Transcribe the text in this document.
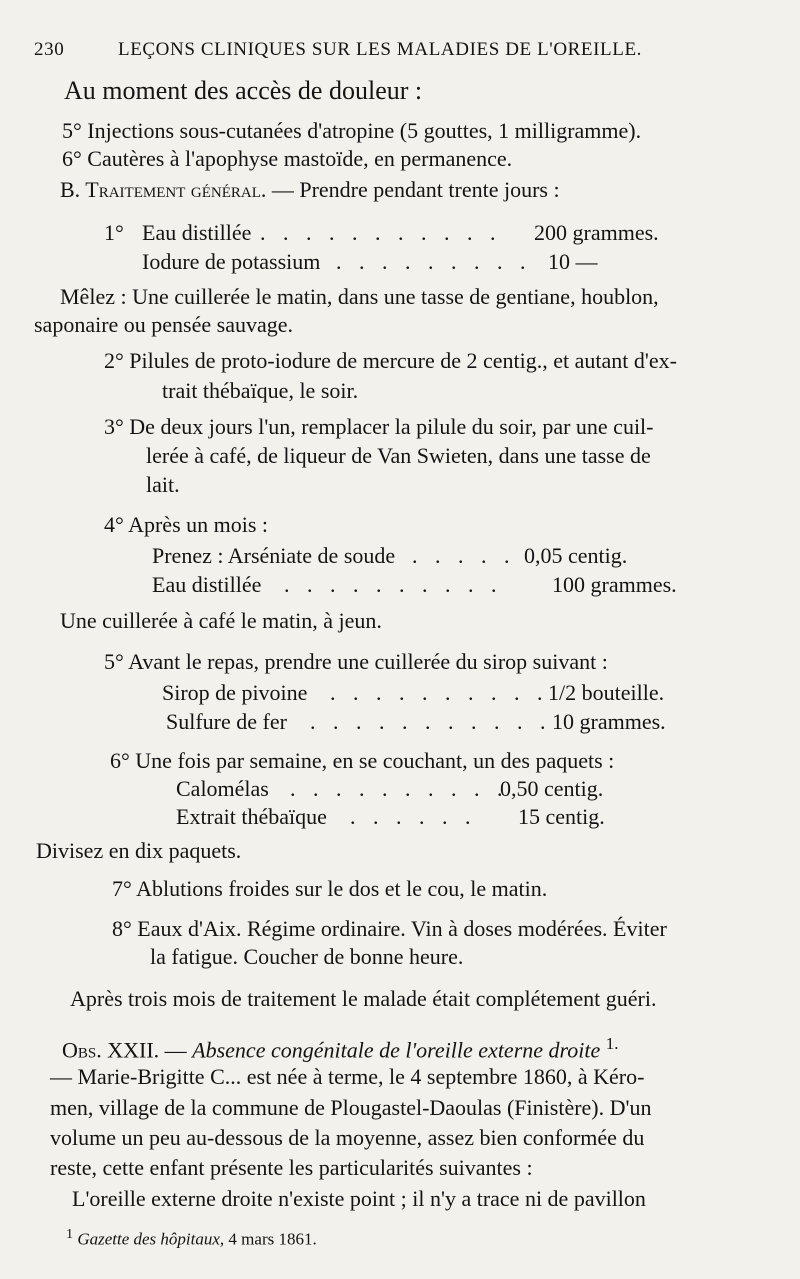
230	LEÇONS CLINIQUES SUR LES MALADIES DE L'OREILLE.
Au moment des accès de douleur :
5° Injections sous-cutanées d'atropine (5 gouttes, 1 milligramme).
6° Cautères à l'apophyse mastoïde, en permanence.
B. Traitement général. — Prendre pendant trente jours :
1° Eau distillée . . . . . . . . . . . 200 grammes.
Iodure de potassium . . . . . . . . . 10 —
Mêlez : Une cuillerée le matin, dans une tasse de gentiane, houblon,
saponaire ou pensée sauvage.
2° Pilules de proto-iodure de mercure de 2 centig., et autant d'ex-
trait thébaïque, le soir.
3° De deux jours l'un, remplacer la pilule du soir, par une cuil-
lerée à café, de liqueur de Van Swieten, dans une tasse de
lait.
4° Après un mois :
Prenez : Arséniate de soude . . . . . 0,05 centig.
Eau distillée . . . . . . . . . . 100 grammes.
Une cuillerée à café le matin, à jeun.
5° Avant le repas, prendre une cuillerée du sirop suivant :
Sirop de pivoine . . . . . . . . . . 1/2 bouteille.
Sulfure de fer . . . . . . . . . . . 10 grammes.
6° Une fois par semaine, en se couchant, un des paquets :
Calomélas . . . . . . . . . .
0,50 centig.
Extrait thébaïque . . . . . . 15 centig.
Divisez en dix paquets.
7° Ablutions froides sur le dos et le cou, le matin.
8° Eaux d'Aix. Régime ordinaire. Vin à doses modérées. Éviter
la fatigue. Coucher de bonne heure.
Après trois mois de traitement le malade était complétement guéri.
Obs. XXII. — Absence congénitale de l'oreille externe droite $^{1.}$
— Marie-Brigitte C... est née à terme, le 4 septembre 1860, à Kéro-
men, village de la commune de Plougastel-Daoulas (Finistère). D'un
volume un peu au-dessous de la moyenne, assez bien conformée du
reste, cette enfant présente les particularités suivantes :
L'oreille externe droite n'existe point ; il n'y a trace ni de pavillon
$^1$ Gazette des hôpitaux, 4 mars 1861.
